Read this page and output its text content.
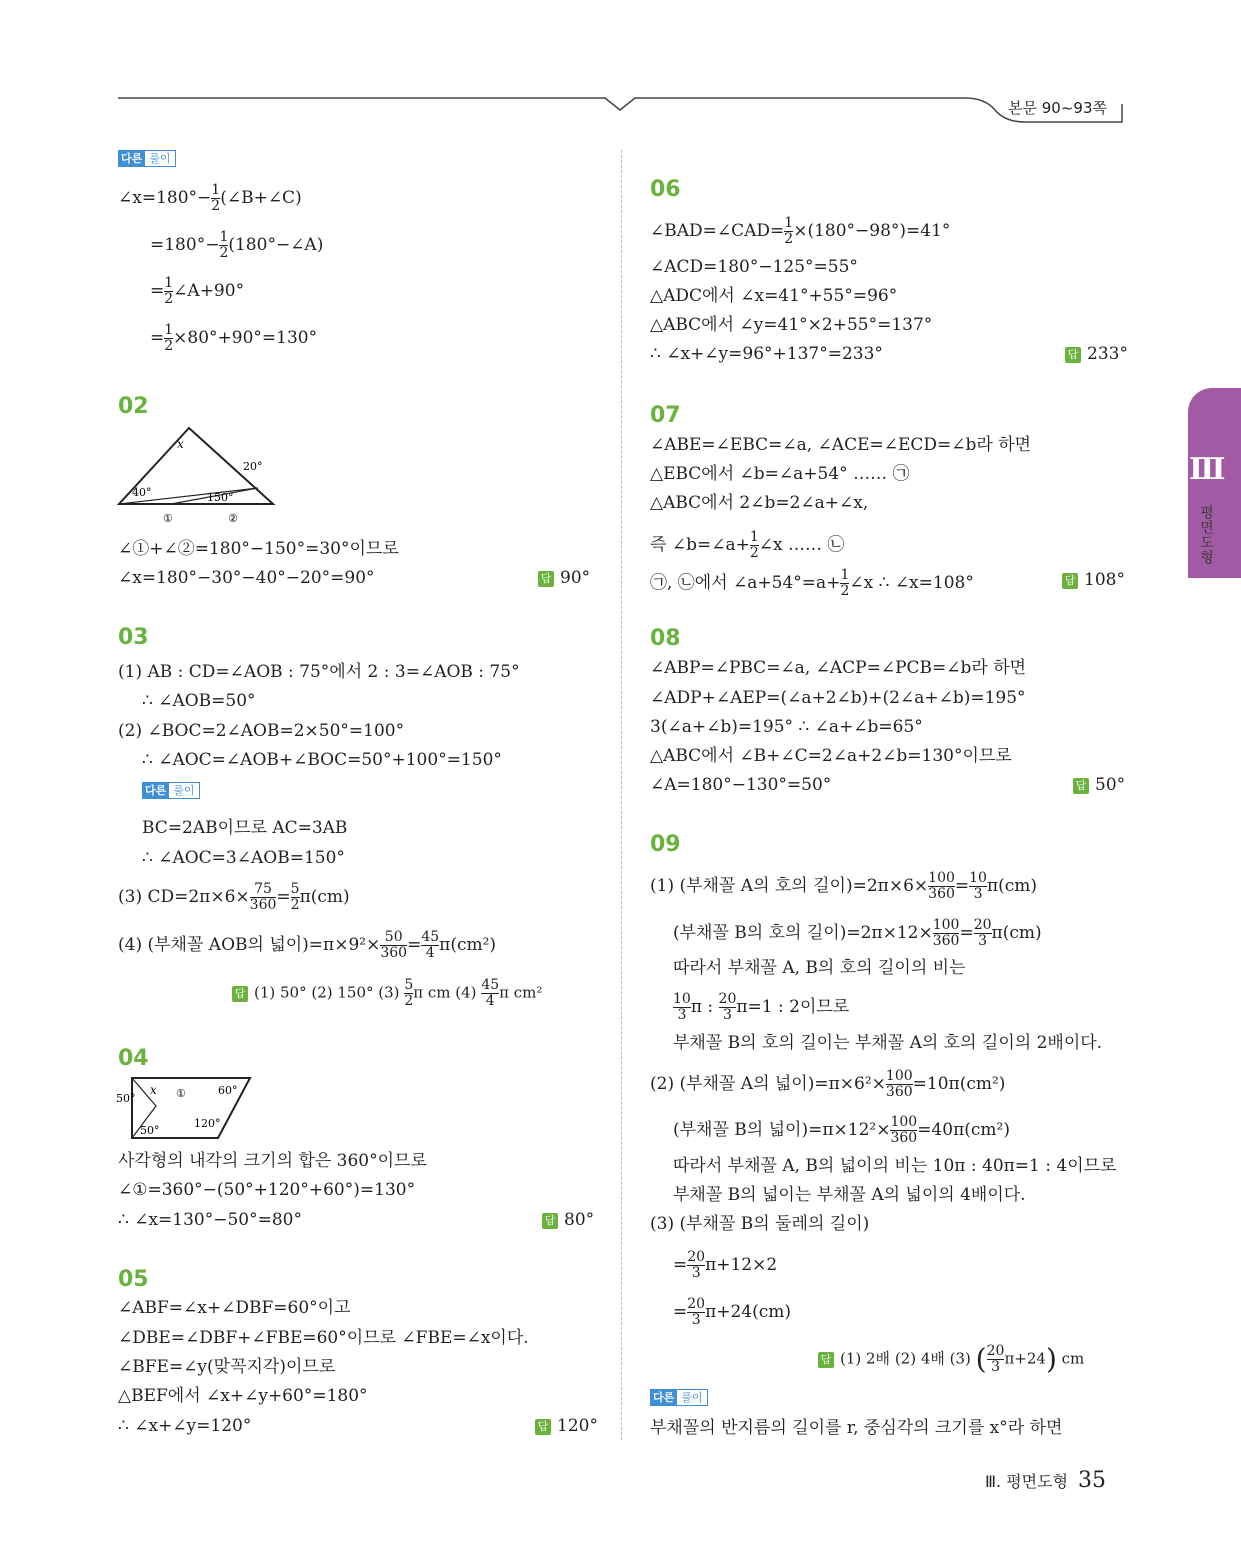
본문 90~93쪽
다른 풀이
∠x=180°− $\frac{1}{2}$ (∠B+∠C)
$=180^\circ- \frac{1}{2}$ (180°−∠A)
= $\frac{1}{2}$ ∠A+90°
= $\frac{1}{2} \times 80^\circ+90^\circ=130^\circ$
02
x
20°
40°	150°
①	②
∠①+∠②=180°−150°=30°이므로
∠x=180°−30°−40°−20°=90°	답 90°
03
(1) AB : CD=∠AOB : 75°에서 2 : 3=∠AOB : 75°
∴ ∠AOB=50°
(2) ∠BOC=2∠AOB=2×50°=100°
∴ ∠AOC=∠AOB+∠BOC=50°+100°=150°
다른 풀이
BC=2AB이므로 AC=3AB
∴ ∠AOC=3∠AOB=150°
(3) $CD=2\pi\times 6\times \frac{75}{360} = \frac{5}{2} \pi(cm)$
(4) (부채꼴 AOB의 넓이)$=\pi\times 9^2\times \frac{50}{360} = \frac{45}{4} \pi(cm^2)$
답 (1) 50° (2) 150° $(3) \frac{5}{2}$ π cm $(4) \frac{45}{4}$ π cm²
04
x ①	60°
50°
50°
120°
사각형의 내각의 크기의 합은 360°이므로
∠①=360°−(50°+120°+60°)=130°
∴ ∠x=130°−50°=80°	답 80°
05
∠ABF=∠x+∠DBF=60°이고
∠DBE=∠DBF+∠FBE=60°이므로 ∠FBE=∠x이다.
∠BFE=∠y(맞꼭지각)이므로
△BEF에서 ∠x+∠y+60°=180°
∴ ∠x+∠y=120°	답 120°
06
∠BAD=∠CAD= $\frac{1}{2} \times(180^\circ-98^\circ)=41^\circ$
∠ACD=180°−125°=55°
△ADC에서 ∠x=41°+55°=96°
△ABC에서 ∠y=41°×2+55°=137°
∴ ∠x+∠y=96°+137°=233°	답 233°
07
∠ABE=∠EBC=∠a, ∠ACE=∠ECD=∠b라 하면
△EBC에서 ∠b=∠a+54° …… ㉠
△ABC에서 2∠b=2∠a+∠x,
즉 ∠b=∠a+ $\frac{1}{2}$ ∠x …… ㉡
㉠, ㉡에서 ∠a+54°=a+ $\frac{1}{2}$ ∠x ∴ ∠x=108°	답 108°
08
∠ABP=∠PBC=∠a, ∠ACP=∠PCB=∠b라 하면
∠ADP+∠AEP=(∠a+2∠b)+(2∠a+∠b)=195°
3(∠a+∠b)=195° ∴ ∠a+∠b=65°
△ABC에서 ∠B+∠C=2∠a+2∠b=130°이므로
∠A=180°−130°=50°	답 50°
09
(1) (부채꼴 A의 호의 길이)$=2\pi\times 6\times \frac{100}{360} = \frac{10}{3} \pi(cm)$
(부채꼴 B의 호의 길이)$=2\pi\times 12\times \frac{100}{360} = \frac{20}{3} \pi(cm)$
따라서 부채꼴 A, B의 호의 길이의 비는
$\frac{10}{3}$ π : $\frac{20}{3} \pi=1$ : 2이므로
부채꼴 B의 호의 길이는 부채꼴 A의 호의 길이의 2배이다.
(2) (부채꼴 A의 넓이)$=\pi\times 6^2\times \frac{100}{360} =10\pi(cm^2)$
(부채꼴 B의 넓이)$=\pi\times 12^2\times \frac{100}{360} =40\pi(cm^2)$
따라서 부채꼴 A, B의 넓이의 비는 10π : 40π=1 : 4이므로
부채꼴 B의 넓이는 부채꼴 A의 넓이의 4배이다.
(3) (부채꼴 B의 둘레의 길이)
= $\frac{20}{3} \pi+12\times 2$
= $\frac{20}{3} \pi+24(cm)$
답 (1) 2배 (2) 4배 (3) ( $\frac{20}{3} \pi+24$) cm
다른 풀이
부채꼴의 반지름의 길이를 r, 중심각의 크기를 x°라 하면
Ⅲ
평면도형
Ⅲ. 평면도형 35
